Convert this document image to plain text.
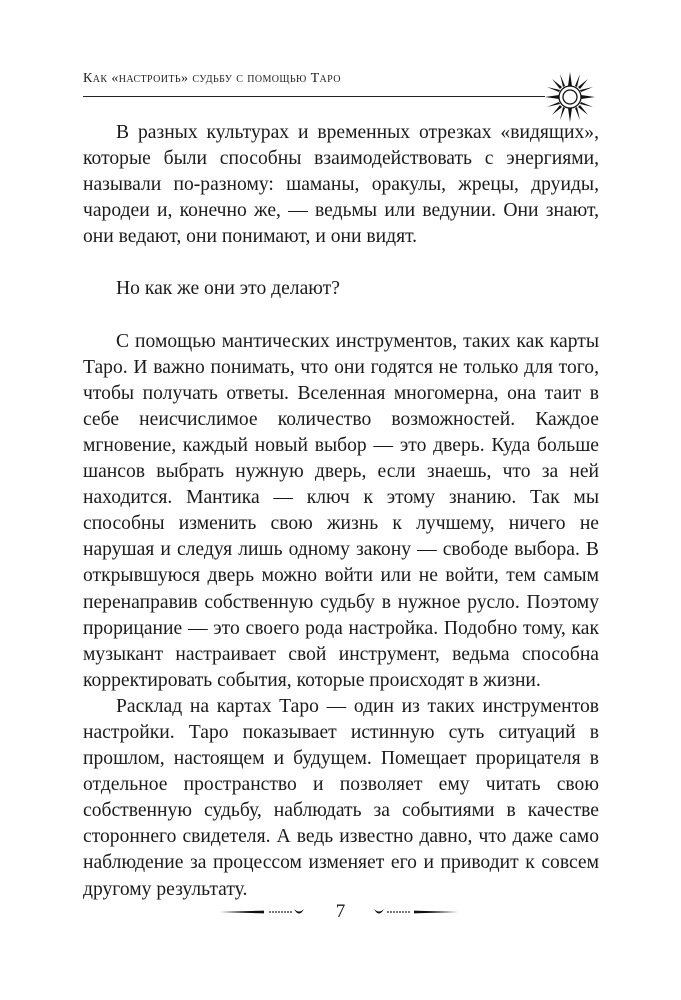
Как «настроить» судьбу с помощью Таро

В разных культурах и временных отрезках «видящих», которые были способны взаимодействовать с энергиями, называли по-разному: шаманы, оракулы, жрецы, друиды, чародеи и, конечно же, — ведьмы или ведунии. Они знают, они ведают, они понимают, и они видят.

Но как же они это делают?

С помощью мантических инструментов, таких как карты Таро. И важно понимать, что они годятся не только для того, чтобы получать ответы. Вселенная многомерна, она таит в себе неисчислимое количество возможностей. Каждое мгновение, каждый новый выбор — это дверь. Куда больше шансов выбрать нужную дверь, если знаешь, что за ней находится. Мантика — ключ к этому знанию. Так мы способны изменить свою жизнь к лучшему, ничего не нарушая и следуя лишь одному закону — свободе выбора. В открывшуюся дверь можно войти или не войти, тем самым перенаправив собственную судьбу в нужное русло. Поэтому прорицание — это своего рода настройка. Подобно тому, как музыкант настраивает свой инструмент, ведьма способна корректировать события, которые происходят в жизни.

Расклад на картах Таро — один из таких инструментов настройки. Таро показывает истинную суть ситуаций в прошлом, настоящем и будущем. Помещает прорицателя в отдельное пространство и позволяет ему читать свою собственную судьбу, наблюдать за событиями в качестве стороннего свидетеля. А ведь известно давно, что даже само наблюдение за процессом изменяет его и приводит к совсем другому результату.

7
